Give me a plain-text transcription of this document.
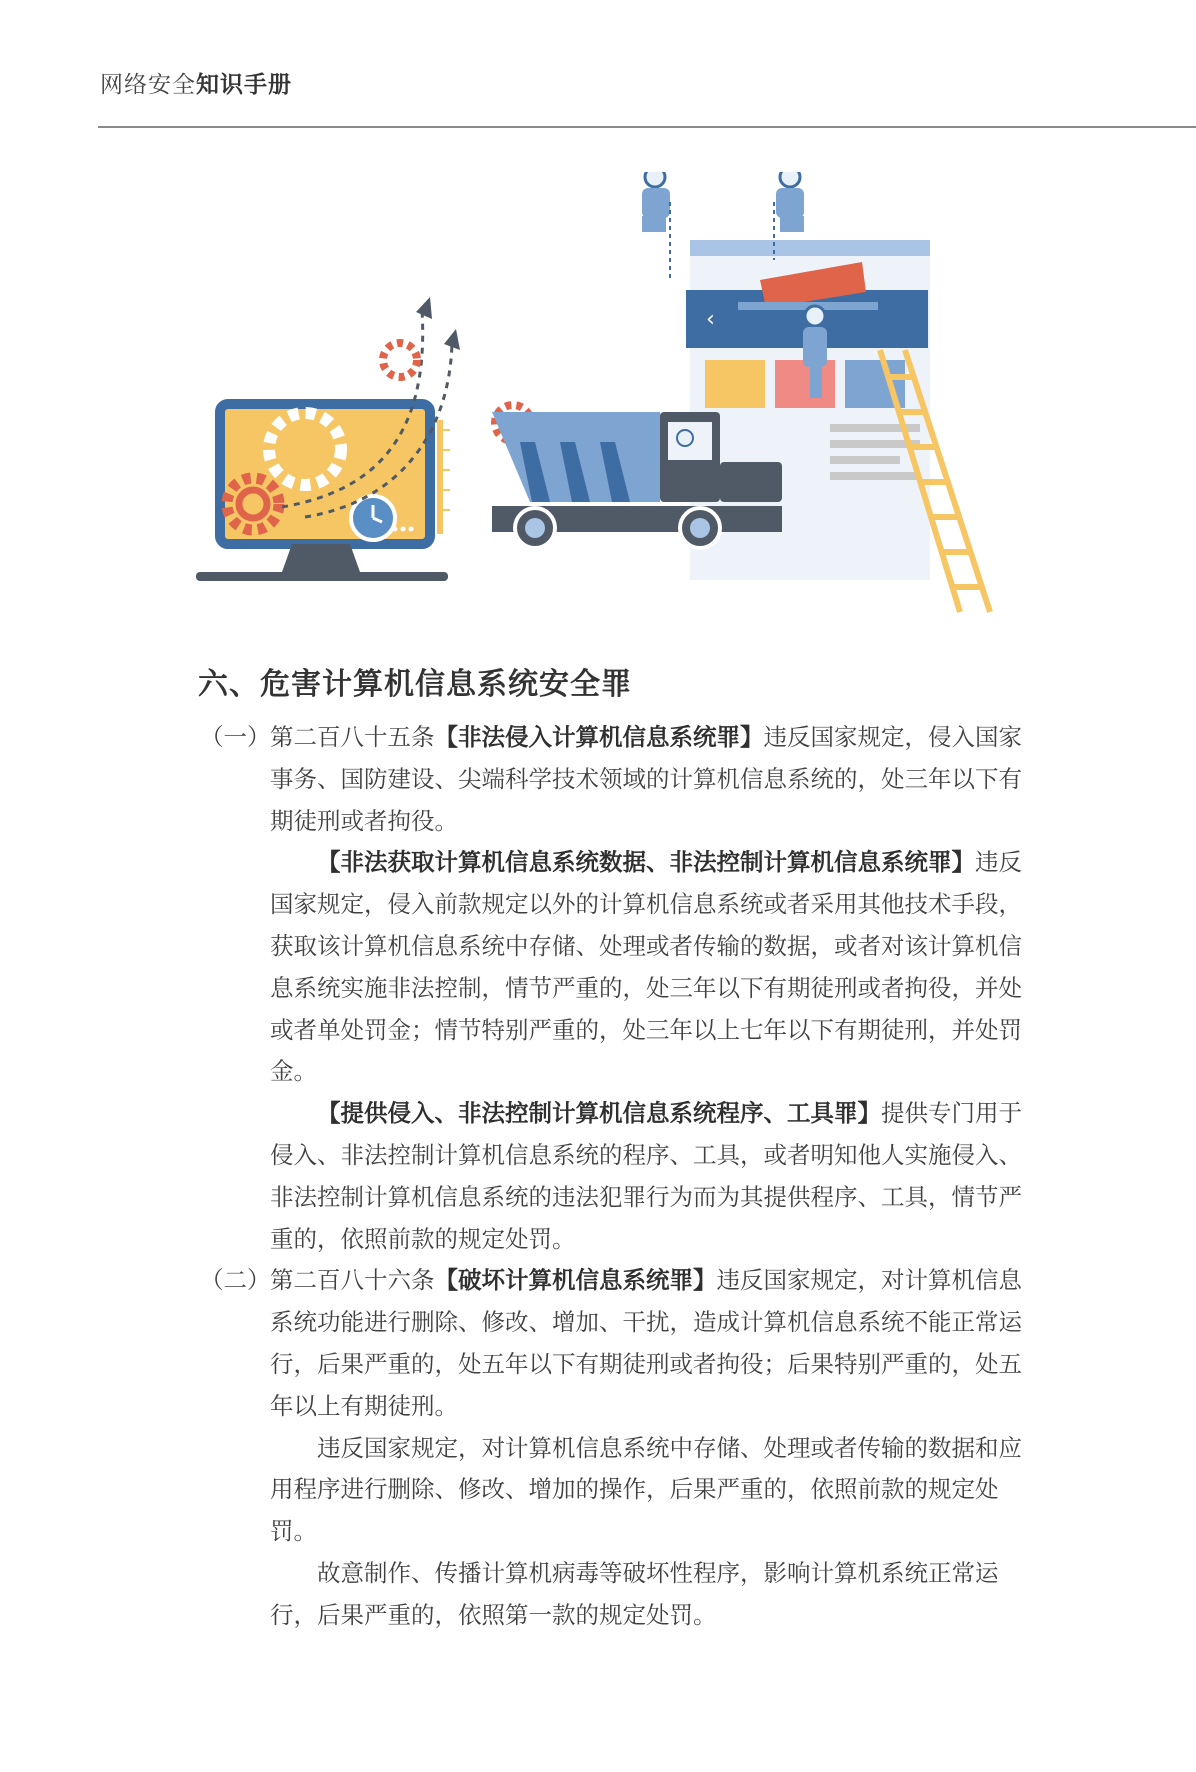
网络安全知识手册
‹
六、危害计算机信息系统安全罪
（一） 第二百八十五条【非法侵入计算机信息系统罪】违反国家规定，侵入国家事务、国防建设、尖端科学技术领域的计算机信息系统的，处三年以下有期徒刑或者拘役。
【非法获取计算机信息系统数据、非法控制计算机信息系统罪】违反国家规定，侵入前款规定以外的计算机信息系统或者采用其他技术手段，获取该计算机信息系统中存储、处理或者传输的数据，或者对该计算机信息系统实施非法控制，情节严重的，处三年以下有期徒刑或者拘役，并处或者单处罚金；情节特别严重的，处三年以上七年以下有期徒刑，并处罚金。
【提供侵入、非法控制计算机信息系统程序、工具罪】提供专门用于侵入、非法控制计算机信息系统的程序、工具，或者明知他人实施侵入、非法控制计算机信息系统的违法犯罪行为而为其提供程序、工具，情节严重的，依照前款的规定处罚。
（二） 第二百八十六条【破坏计算机信息系统罪】违反国家规定，对计算机信息系统功能进行删除、修改、增加、干扰，造成计算机信息系统不能正常运行，后果严重的，处五年以下有期徒刑或者拘役；后果特别严重的，处五年以上有期徒刑。
违反国家规定，对计算机信息系统中存储、处理或者传输的数据和应用程序进行删除、修改、增加的操作，后果严重的，依照前款的规定处罚。
故意制作、传播计算机病毒等破坏性程序，影响计算机系统正常运行，后果严重的，依照第一款的规定处罚。
